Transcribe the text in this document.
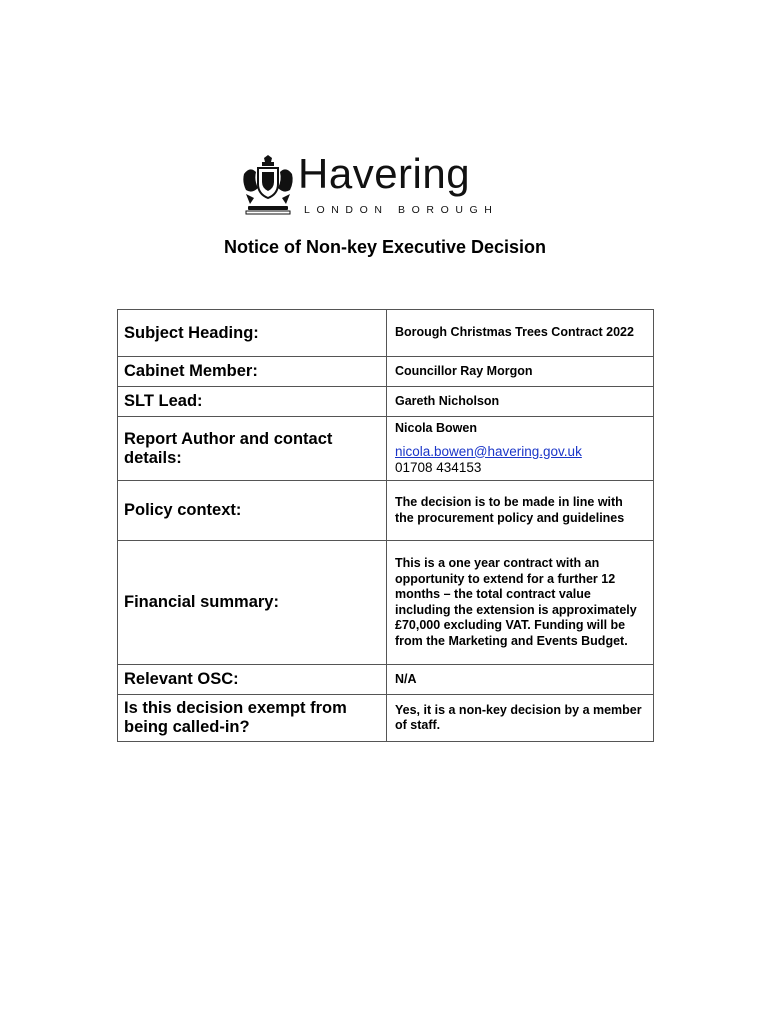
Havering
LONDON BOROUGH
Notice of Non-key Executive Decision
Subject Heading:	Borough Christmas Trees Contract 2022
Cabinet Member:	Councillor Ray Morgon
SLT Lead:	Gareth Nicholson
Report Author and contact details:	Nicola Bowen
nicola.bowen@havering.gov.uk
01708 434153

Policy context:	The decision is to be made in line with the procurement policy and guidelines
Financial summary:	This is a one year contract with an opportunity to extend for a further 12 months – the total contract value including the extension is approximately £70,000 excluding VAT. Funding will be from the Marketing and Events Budget.
Relevant OSC:	N/A
Is this decision exempt from being called-in?	Yes, it is a non-key decision by a member of staff.
